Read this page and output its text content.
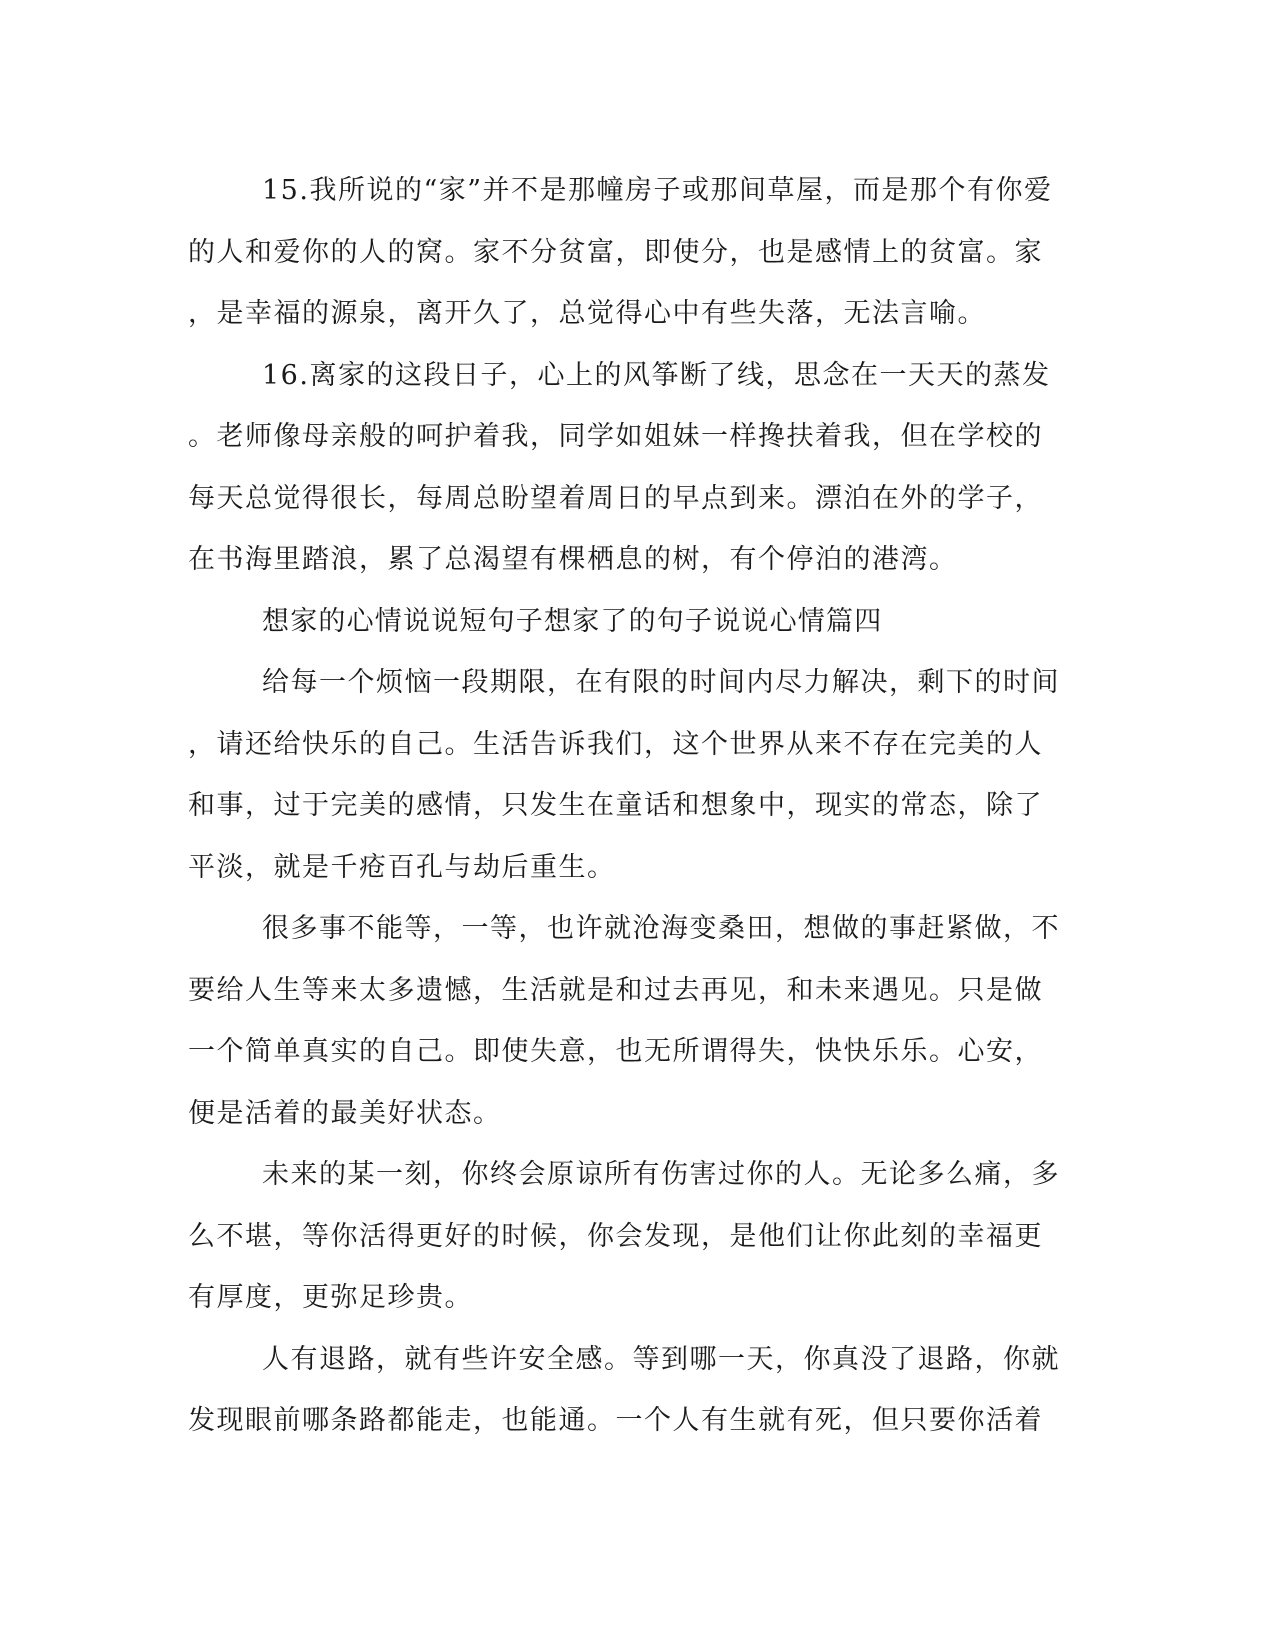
15.我所说的“家”并不是那幢房子或那间草屋，而是那个有你爱的人和爱你的人的窝。家不分贫富，即使分，也是感情上的贫富。家，是幸福的源泉，离开久了，总觉得心中有些失落，无法言喻。

16.离家的这段日子，心上的风筝断了线，思念在一天天的蒸发。老师像母亲般的呵护着我，同学如姐妹一样搀扶着我，但在学校的每天总觉得很长，每周总盼望着周日的早点到来。漂泊在外的学子，在书海里踏浪，累了总渴望有棵栖息的树，有个停泊的港湾。

想家的心情说说短句子想家了的句子说说心情篇四

给每一个烦恼一段期限，在有限的时间内尽力解决，剩下的时间，请还给快乐的自己。生活告诉我们，这个世界从来不存在完美的人和事，过于完美的感情，只发生在童话和想象中，现实的常态，除了平淡，就是千疮百孔与劫后重生。

很多事不能等，一等，也许就沧海变桑田，想做的事赶紧做，不要给人生等来太多遗憾，生活就是和过去再见，和未来遇见。只是做一个简单真实的自己。即使失意，也无所谓得失，快快乐乐。心安，便是活着的最美好状态。

未来的某一刻，你终会原谅所有伤害过你的人。无论多么痛，多么不堪，等你活得更好的时候，你会发现，是他们让你此刻的幸福更有厚度，更弥足珍贵。

人有退路，就有些许安全感。等到哪一天，你真没了退路，你就发现眼前哪条路都能走，也能通。一个人有生就有死，但只要你活着
